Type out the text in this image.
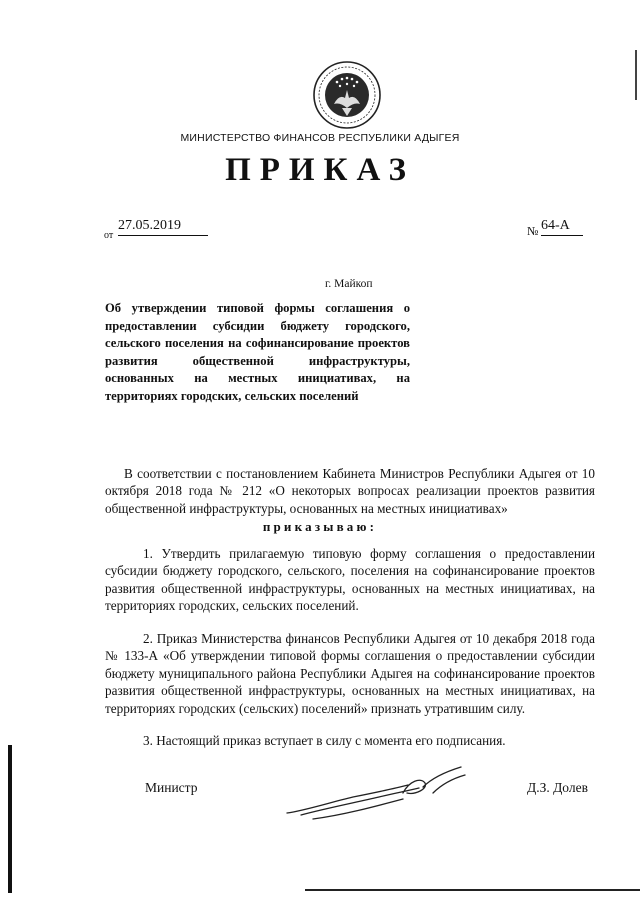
МИНИСТЕРСТВО ФИНАНСОВ РЕСПУБЛИКИ АДЫГЕЯ
ПРИКАЗ
от
27.05.2019	№ 64-А
г. Майкоп
Об утверждении типовой формы соглашения о предоставлении субсидии бюджету городского, сельского поселения на софинансирование проектов развития общественной инфраструктуры, основанных на местных инициативах, на территориях городских, сельских поселений
В соответствии с постановлением Кабинета Министров Республики Адыгея от 10 октября 2018 года № 212 «О некоторых вопросах реализации проектов развития общественной инфраструктуры, основанных на местных инициативах»
приказываю:
1. Утвердить прилагаемую типовую форму соглашения о предоставлении субсидии бюджету городского, сельского, поселения на софинансирование проектов развития общественной инфраструктуры, основанных на местных инициативах, на территориях городских, сельских поселений.
2. Приказ Министерства финансов Республики Адыгея от 10 декабря 2018 года № 133-А «Об утверждении типовой формы соглашения о предоставлении субсидии бюджету муниципального района Республики Адыгея на софинансирование проектов развития общественной инфраструктуры, основанных на местных инициативах, на территориях городских (сельских) поселений» признать утратившим силу.
3. Настоящий приказ вступает в силу с момента его подписания.
Министр	Д.З. Долев
